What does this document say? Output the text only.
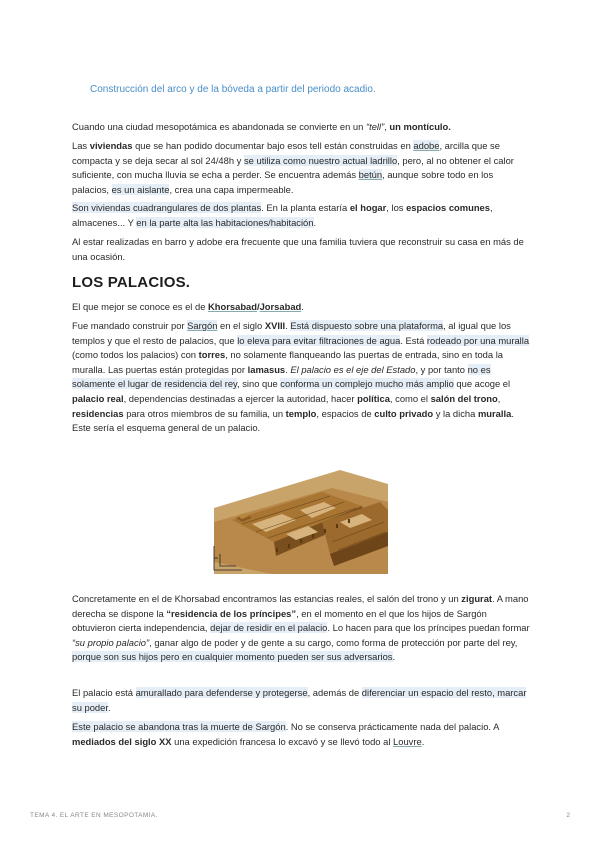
Construcción del arco y de la bóveda a partir del periodo acadio.

Cuando una ciudad mesopotámica es abandonada se convierte en un “tell”, un montículo.

Las viviendas que se han podido documentar bajo esos tell están construidas en adobe, arcilla que se compacta y se deja secar al sol 24/48h y se utiliza como nuestro actual ladrillo, pero, al no obtener el calor suficiente, con mucha lluvia se echa a perder. Se encuentra además betún, aunque sobre todo en los palacios, es un aislante, crea una capa impermeable.

Son viviendas cuadrangulares de dos plantas. En la planta estaría el hogar, los espacios comunes, almacenes... Y en la parte alta las habitaciones/habitación.

Al estar realizadas en barro y adobe era frecuente que una familia tuviera que reconstruir su casa en más de una ocasión.

LOS PALACIOS.

El que mejor se conoce es el de Khorsabad/Jorsabad.

Fue mandado construir por Sargón en el siglo XVIII. Está dispuesto sobre una plataforma, al igual que los templos y que el resto de palacios, que lo eleva para evitar filtraciones de agua. Está rodeado por una muralla (como todos los palacios) con torres, no solamente flanqueando las puertas de entrada, sino en toda la muralla. Las puertas están protegidas por lamasus. El palacio es el eje del Estado, y por tanto no es solamente el lugar de residencia del rey, sino que conforma un complejo mucho más amplio que acoge el palacio real, dependencias destinadas a ejercer la autoridad, hacer política, como el salón del trono, residencias para otros miembros de su familia, un templo, espacios de culto privado y la dicha muralla. Este sería el esquema general de un palacio.

Concretamente en el de Khorsabad encontramos las estancias reales, el salón del trono y un zigurat. A mano derecha se dispone la “residencia de los príncipes”, en el momento en el que los hijos de Sargón obtuvieron cierta independencia, dejar de residir en el palacio. Lo hacen para que los príncipes puedan formar “su propio palacio”, ganar algo de poder y de gente a su cargo, como forma de protección por parte del rey, porque son sus hijos pero en cualquier momento pueden ser sus adversarios.

El palacio está amurallado para defenderse y protegerse, además de diferenciar un espacio del resto, marcar su poder.

Este palacio se abandona tras la muerte de Sargón. No se conserva prácticamente nada del palacio. A mediados del siglo XX una expedición francesa lo excavó y se llevó todo al Louvre.

TEMA 4. EL ARTE EN MESOPOTAMIA.	2
